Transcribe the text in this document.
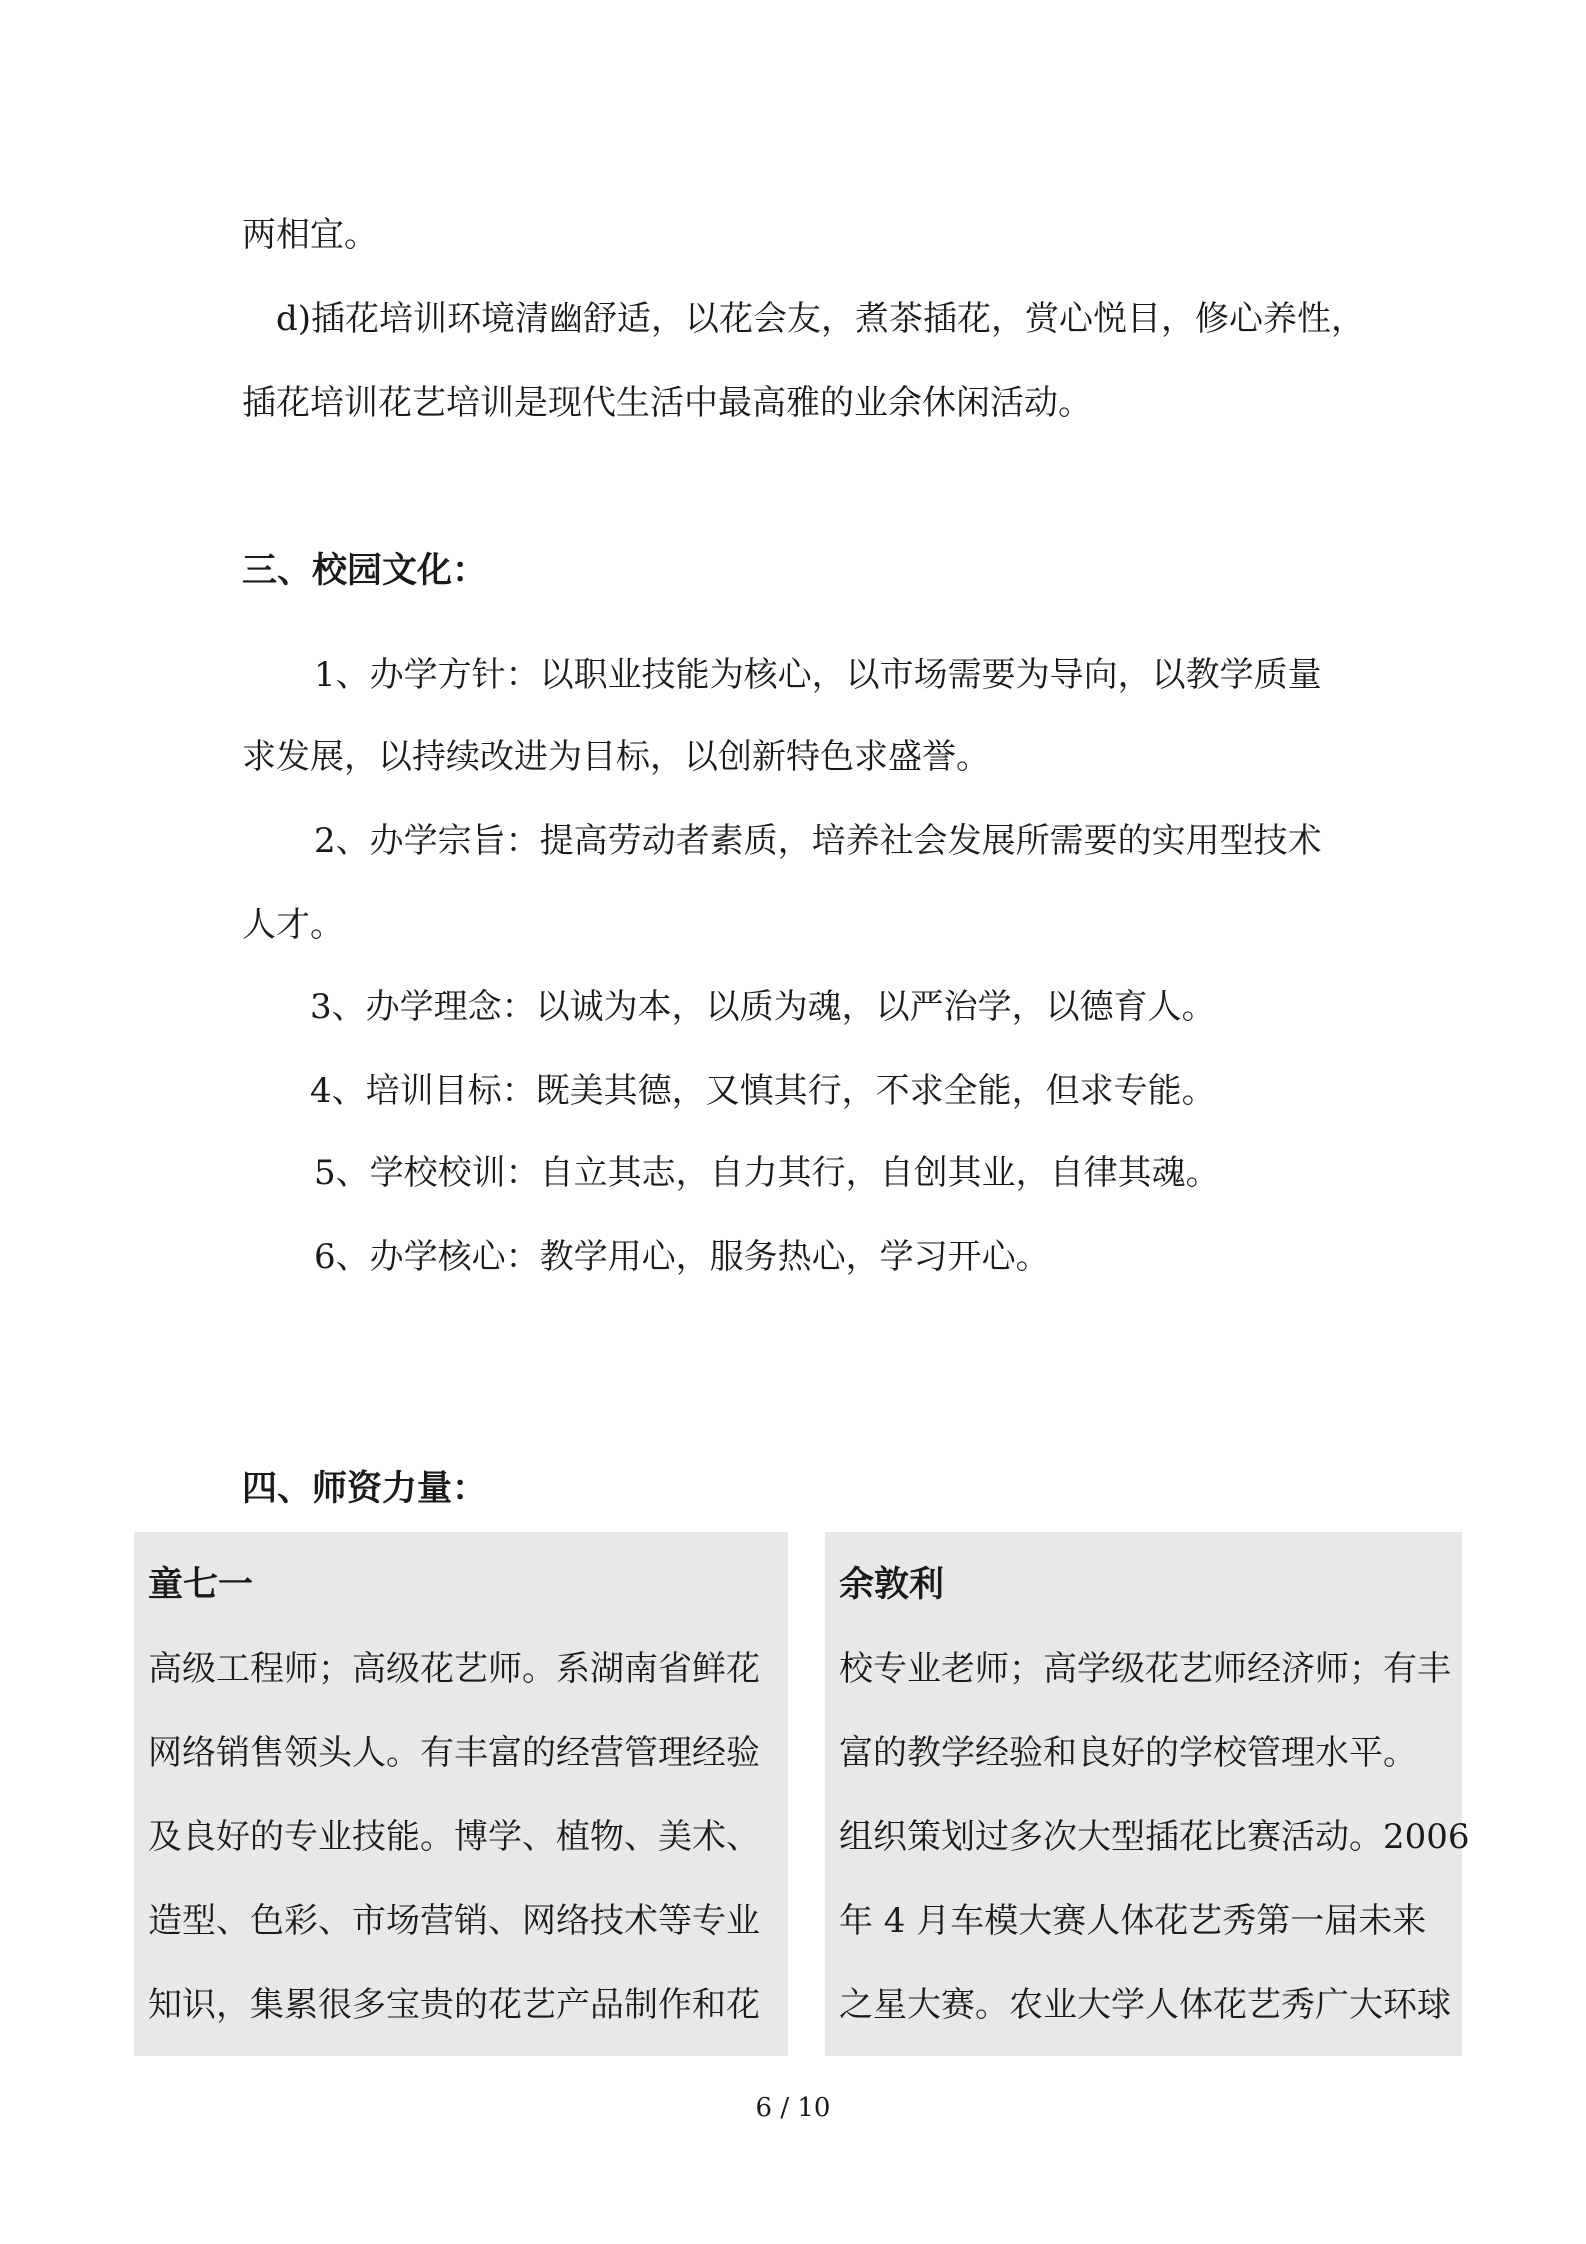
两相宜。

d)插花培训环境清幽舒适，以花会友，煮茶插花，赏心悦目，修心养性，

插花培训花艺培训是现代生活中最高雅的业余休闲活动。

三、校园文化：

1、办学方针：以职业技能为核心，以市场需要为导向，以教学质量

求发展，以持续改进为目标，以创新特色求盛誉。

2、办学宗旨：提高劳动者素质，培养社会发展所需要的实用型技术

人才。

3、办学理念：以诚为本，以质为魂，以严治学，以德育人。

4、培训目标：既美其德，又慎其行，不求全能，但求专能。

5、学校校训：自立其志，自力其行，自创其业，自律其魂。

6、办学核心：教学用心，服务热心，学习开心。

四、师资力量：

童七一

高级工程师；高级花艺师。系湖南省鲜花

网络销售领头人。有丰富的经营管理经验

及良好的专业技能。博学、植物、美术、

造型、色彩、市场营销、网络技术等专业

知识，集累很多宝贵的花艺产品制作和花

余敦利

校专业老师；高学级花艺师经济师；有丰

富的教学经验和良好的学校管理水平。

组织策划过多次大型插花比赛活动。2006

年 4 月车模大赛人体花艺秀第一届未来

之星大赛。农业大学人体花艺秀广大环球

6 / 10
